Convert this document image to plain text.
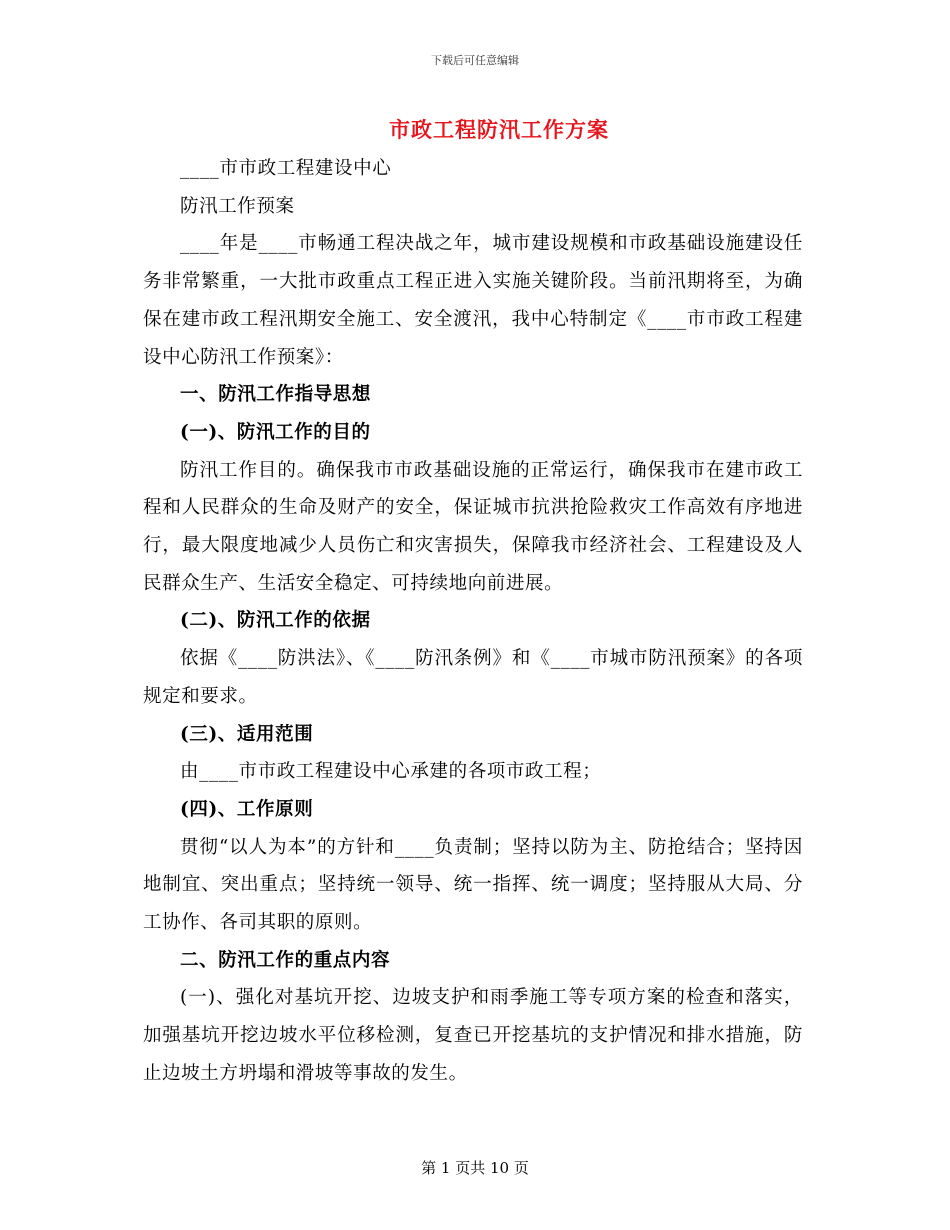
下载后可任意编辑
市政工程防汛工作方案

____市市政工程建设中心

防汛工作预案

____年是____市畅通工程决战之年，城市建设规模和市政基础设施建设任务非常繁重，一大批市政重点工程正进入实施关键阶段。当前汛期将至，为确保在建市政工程汛期安全施工、安全渡汛，我中心特制定《____市市政工程建设中心防汛工作预案》：

一、防汛工作指导思想

(一)、防汛工作的目的

防汛工作目的。确保我市市政基础设施的正常运行，确保我市在建市政工程和人民群众的生命及财产的安全，保证城市抗洪抢险救灾工作高效有序地进行，最大限度地减少人员伤亡和灾害损失，保障我市经济社会、工程建设及人民群众生产、生活安全稳定、可持续地向前进展。

(二)、防汛工作的依据

依据《____防洪法》、《____防汛条例》和《____市城市防汛预案》的各项规定和要求。

(三)、适用范围

由____市市政工程建设中心承建的各项市政工程；

(四)、工作原则

贯彻“以人为本”的方针和____负责制；坚持以防为主、防抢结合；坚持因地制宜、突出重点；坚持统一领导、统一指挥、统一调度；坚持服从大局、分工协作、各司其职的原则。

二、防汛工作的重点内容

(一)、强化对基坑开挖、边坡支护和雨季施工等专项方案的检查和落实，加强基坑开挖边坡水平位移检测，复查已开挖基坑的支护情况和排水措施，防止边坡土方坍塌和滑坡等事故的发生。

第 1 页共 10 页
